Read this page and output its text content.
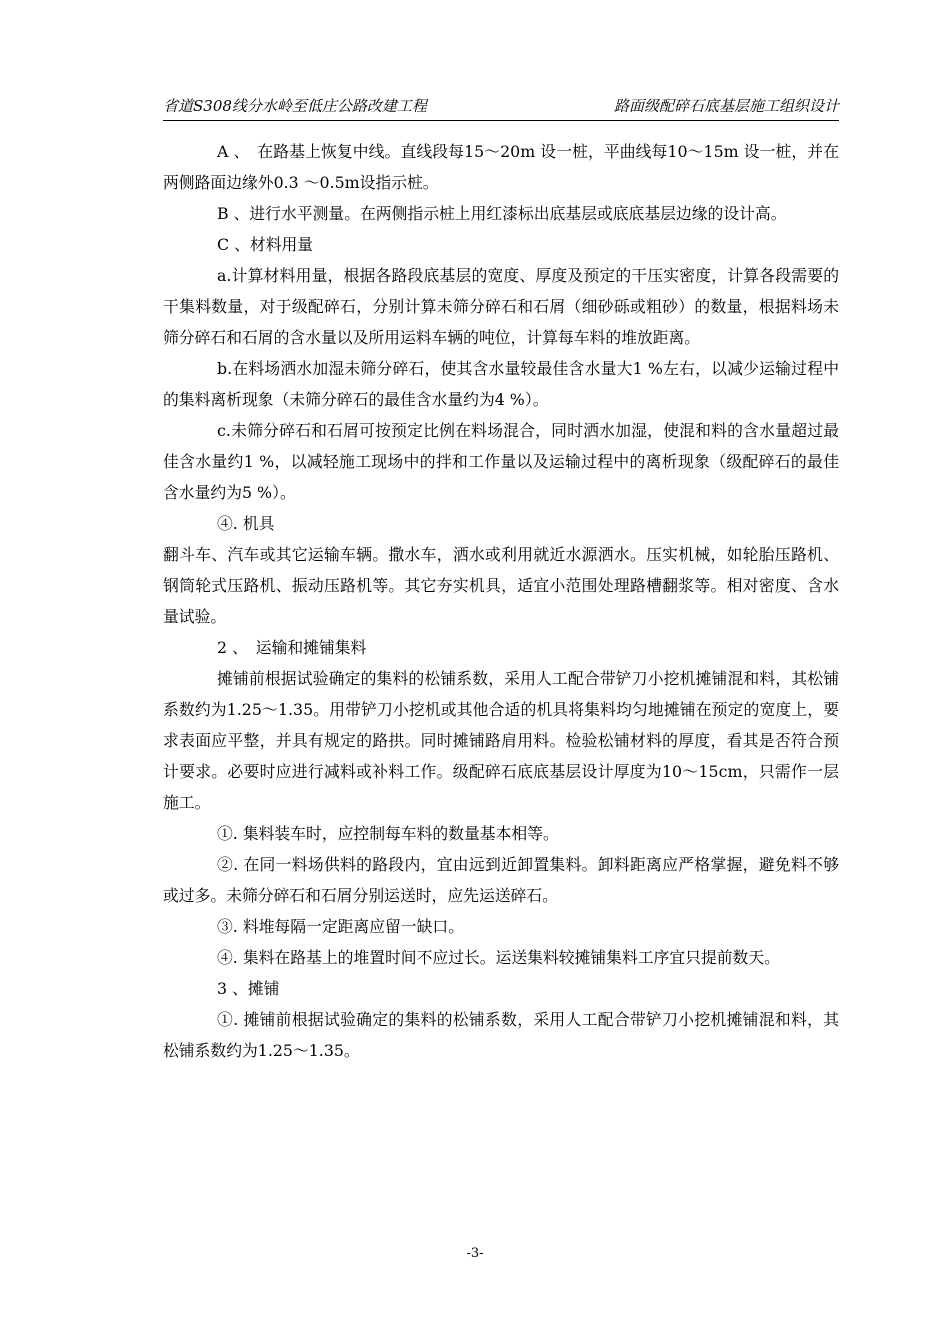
省道S308线分水岭至低庄公路改建工程	路面级配碎石底基层施工组织设计

A 、　在路基上恢复中线。直线段每15～20m 设一桩，平曲线每10～15m 设一桩，并在两侧路面边缘外0.3 ～0.5m设指示桩。

B 、进行水平测量。在两侧指示桩上用红漆标出底基层或底底基层边缘的设计高。

C 、材料用量

a.计算材料用量，根据各路段底基层的宽度、厚度及预定的干压实密度，计算各段需要的干集料数量，对于级配碎石，分别计算未筛分碎石和石屑（细砂砾或粗砂）的数量，根据料场未筛分碎石和石屑的含水量以及所用运料车辆的吨位，计算每车料的堆放距离。

b.在料场洒水加湿未筛分碎石，使其含水量较最佳含水量大1 %左右，以减少运输过程中的集料离析现象（未筛分碎石的最佳含水量约为4 %）。

c.未筛分碎石和石屑可按预定比例在料场混合，同时洒水加湿，使混和料的含水量超过最佳含水量约1 %，以减轻施工现场中的拌和工作量以及运输过程中的离析现象（级配碎石的最佳含水量约为5 %）。

④. 机具

翻斗车、汽车或其它运输车辆。撒水车，洒水或利用就近水源洒水。压实机械，如轮胎压路机、钢筒轮式压路机、振动压路机等。其它夯实机具，适宜小范围处理路槽翻浆等。相对密度、含水量试验。

2 、　运输和摊铺集料

摊铺前根据试验确定的集料的松铺系数，采用人工配合带铲刀小挖机摊铺混和料，其松铺系数约为1.25～1.35。用带铲刀小挖机或其他合适的机具将集料均匀地摊铺在预定的宽度上，要求表面应平整，并具有规定的路拱。同时摊铺路肩用料。检验松铺材料的厚度，看其是否符合预计要求。必要时应进行减料或补料工作。级配碎石底底基层设计厚度为10～15cm，只需作一层施工。

①. 集料装车时，应控制每车料的数量基本相等。

②. 在同一料场供料的路段内，宜由远到近卸置集料。卸料距离应严格掌握，避免料不够或过多。未筛分碎石和石屑分别运送时，应先运送碎石。

③. 料堆每隔一定距离应留一缺口。

④. 集料在路基上的堆置时间不应过长。运送集料较摊铺集料工序宜只提前数天。

3 、摊铺

①. 摊铺前根据试验确定的集料的松铺系数，采用人工配合带铲刀小挖机摊铺混和料，其松铺系数约为1.25～1.35。

-3-
